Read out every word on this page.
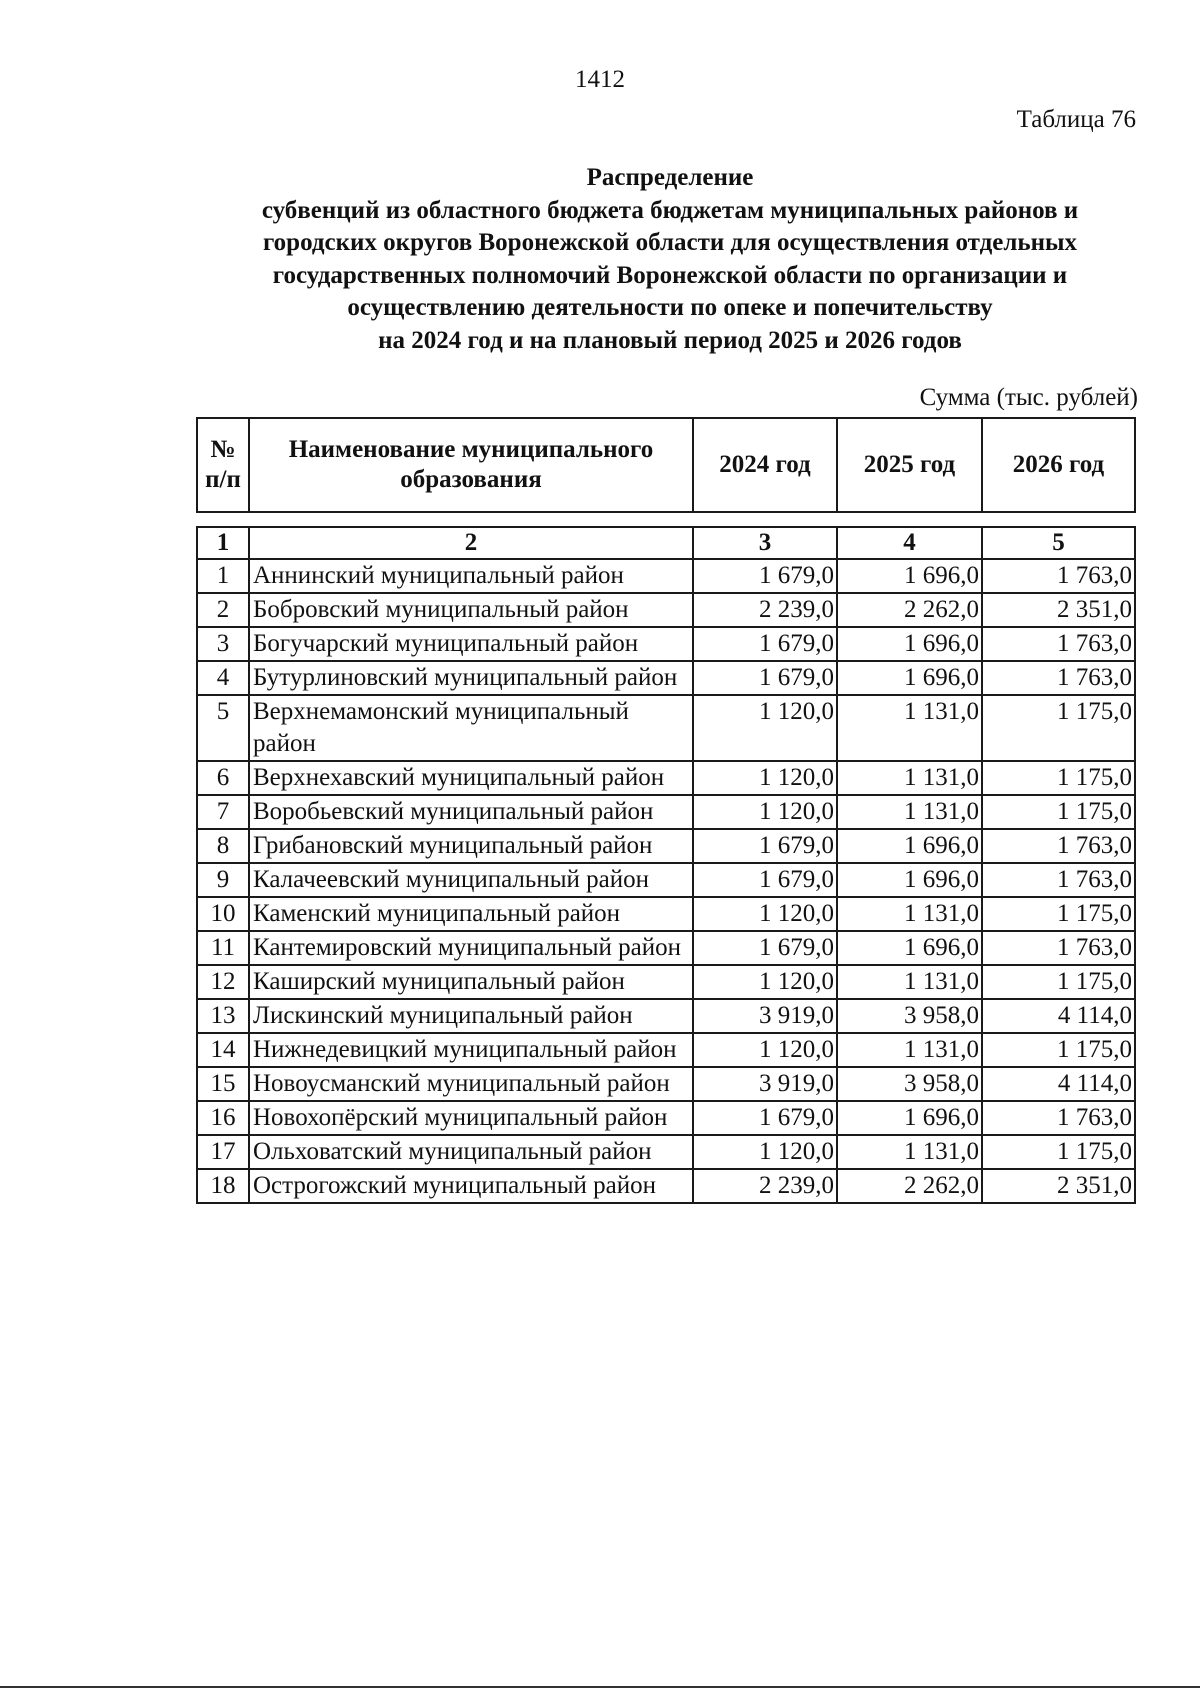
1412
Таблица 76
Распределение
субвенций из областного бюджета бюджетам муниципальных районов и
городских округов Воронежской области для осуществления отдельных
государственных полномочий Воронежской области по организации и
осуществлению деятельности по опеке и попечительству
на 2024 год и на плановый период 2025 и 2026 годов
Сумма (тыс. рублей)
№ п/п	Наименование муниципального образования	2024 год	2025 год	2026 год
1	2	3	4	5
1	Аннинский муниципальный район	1 679,0	1 696,0	1 763,0
2	Бобровский муниципальный район	2 239,0	2 262,0	2 351,0
3	Богучарский муниципальный район	1 679,0	1 696,0	1 763,0
4	Бутурлиновский муниципальный район	1 679,0	1 696,0	1 763,0
5	Верхнемамонский муниципальный район	1 120,0	1 131,0	1 175,0
6	Верхнехавский муниципальный район	1 120,0	1 131,0	1 175,0
7	Воробьевский муниципальный район	1 120,0	1 131,0	1 175,0
8	Грибановский муниципальный район	1 679,0	1 696,0	1 763,0
9	Калачеевский муниципальный район	1 679,0	1 696,0	1 763,0
10	Каменский муниципальный район	1 120,0	1 131,0	1 175,0
11	Кантемировский муниципальный район	1 679,0	1 696,0	1 763,0
12	Каширский муниципальный район	1 120,0	1 131,0	1 175,0
13	Лискинский муниципальный район	3 919,0	3 958,0	4 114,0
14	Нижнедевицкий муниципальный район	1 120,0	1 131,0	1 175,0
15	Новоусманский муниципальный район	3 919,0	3 958,0	4 114,0
16	Новохопёрский муниципальный район	1 679,0	1 696,0	1 763,0
17	Ольховатский муниципальный район	1 120,0	1 131,0	1 175,0
18	Острогожский муниципальный район	2 239,0	2 262,0	2 351,0
